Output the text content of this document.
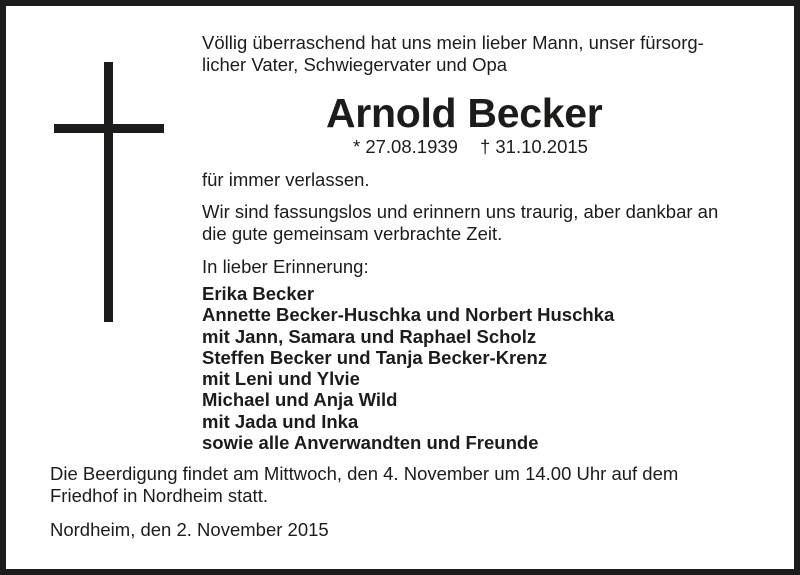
Völlig überraschend hat uns mein lieber Mann, unser fürsorg-
licher Vater, Schwiegervater und Opa
Arnold Becker
* 27.08.1939 † 31.10.2015
für immer verlassen.
Wir sind fassungslos und erinnern uns traurig, aber dankbar an
die gute gemeinsam verbrachte Zeit.
In lieber Erinnerung:
Erika Becker
Annette Becker-Huschka und Norbert Huschka
mit Jann, Samara und Raphael Scholz
Steffen Becker und Tanja Becker-Krenz
mit Leni und Ylvie
Michael und Anja Wild
mit Jada und Inka
sowie alle Anverwandten und Freunde
Die Beerdigung findet am Mittwoch, den 4. November um 14.00 Uhr auf dem
Friedhof in Nordheim statt.
Nordheim, den 2. November 2015
